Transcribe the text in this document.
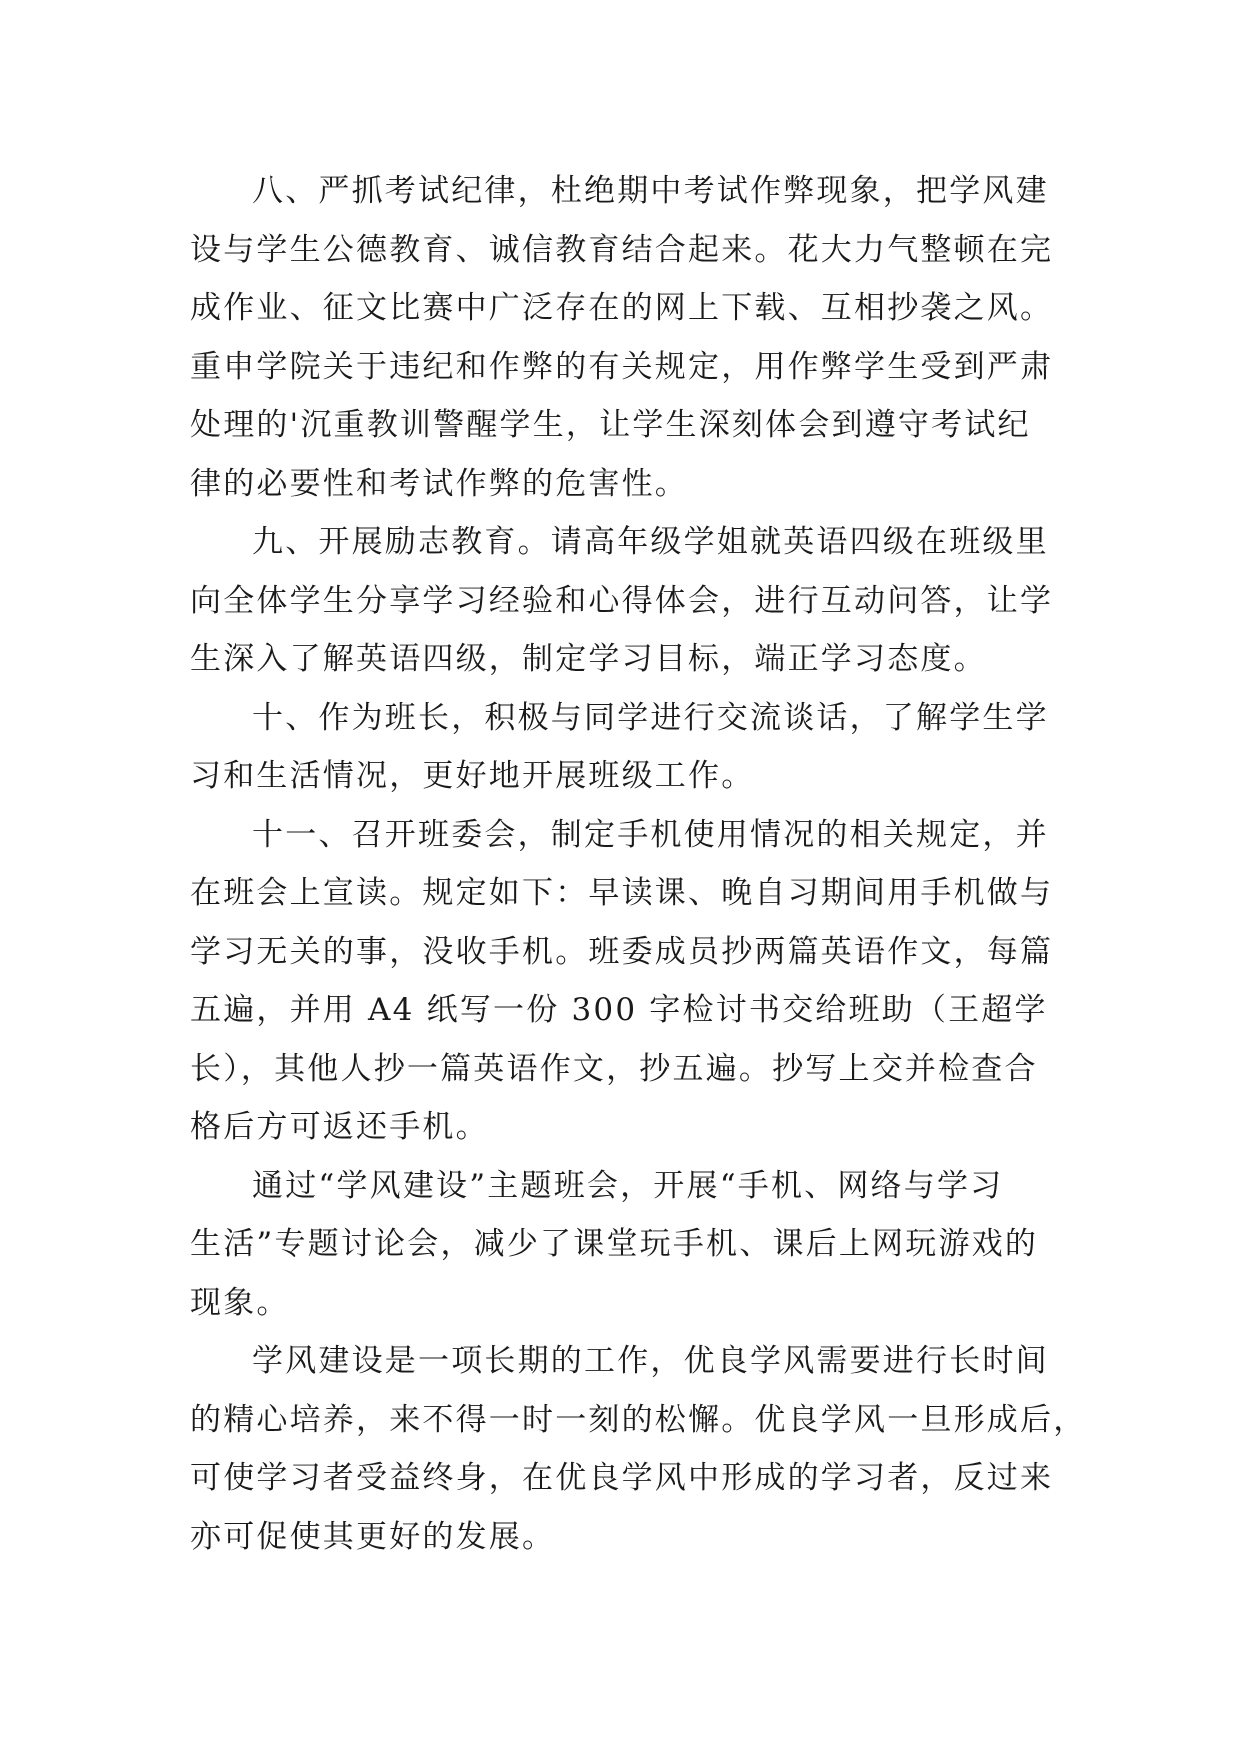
八、严抓考试纪律，杜绝期中考试作弊现象，把学风建
设与学生公德教育、诚信教育结合起来。花大力气整顿在完
成作业、征文比赛中广泛存在的网上下载、互相抄袭之风。
重申学院关于违纪和作弊的有关规定，用作弊学生受到严肃
处理的'沉重教训警醒学生，让学生深刻体会到遵守考试纪
律的必要性和考试作弊的危害性。

九、开展励志教育。请高年级学姐就英语四级在班级里
向全体学生分享学习经验和心得体会，进行互动问答，让学
生深入了解英语四级，制定学习目标，端正学习态度。

十、作为班长，积极与同学进行交流谈话，了解学生学
习和生活情况，更好地开展班级工作。

十一、召开班委会，制定手机使用情况的相关规定，并
在班会上宣读。规定如下：早读课、晚自习期间用手机做与
学习无关的事，没收手机。班委成员抄两篇英语作文，每篇
五遍，并用 A4 纸写一份 300 字检讨书交给班助（王超学
长），其他人抄一篇英语作文，抄五遍。抄写上交并检查合
格后方可返还手机。

通过“学风建设”主题班会，开展“手机、网络与学习
生活”专题讨论会，减少了课堂玩手机、课后上网玩游戏的
现象。

学风建设是一项长期的工作，优良学风需要进行长时间
的精心培养，来不得一时一刻的松懈。优良学风一旦形成后，
可使学习者受益终身，在优良学风中形成的学习者，反过来
亦可促使其更好的发展。
